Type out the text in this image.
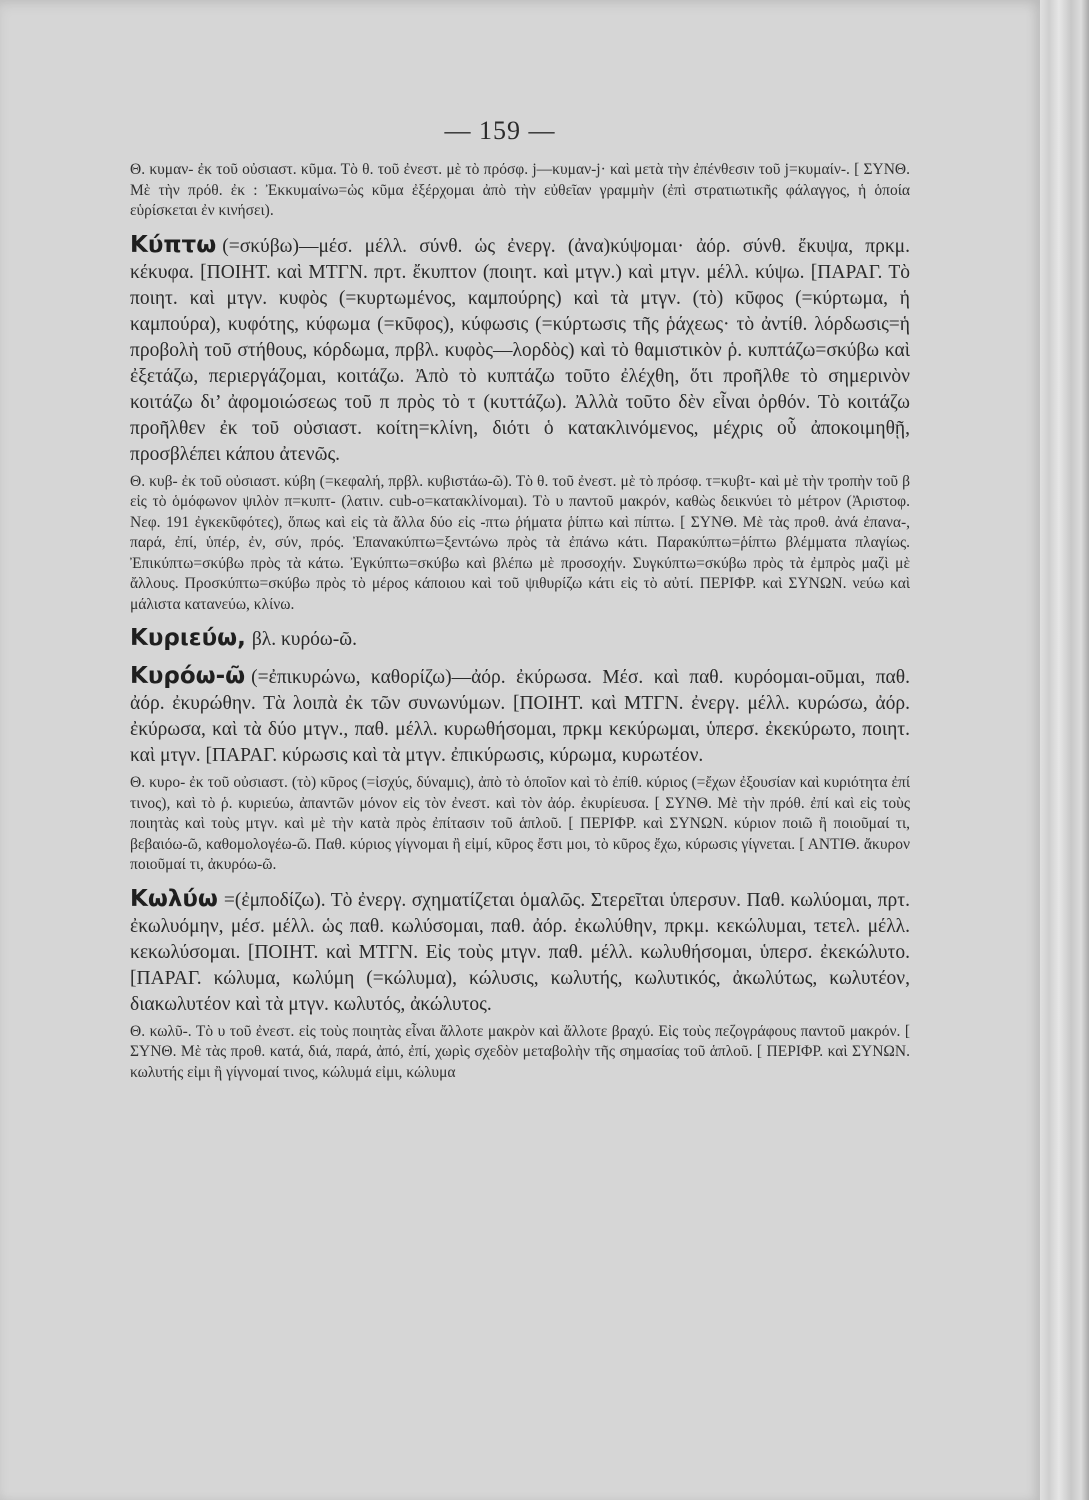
— 159 —

Θ. κυμαν- ἐκ τοῦ οὐσιαστ. κῦμα. Τὸ θ. τοῦ ἐνεστ. μὲ τὸ πρόσφ. j—κυμαν-j· καὶ μετὰ τὴν ἐπένθεσιν τοῦ j=κυμαίν-. [ ΣΥΝΘ. Μὲ τὴν πρόθ. ἐκ : Ἐκκυμαίνω=ὡς κῦμα ἐξέρχομαι ἀπὸ τὴν εὐθεῖαν γραμμὴν (ἐπὶ στρατιωτικῆς φάλαγγος, ἡ ὁποία εὑρίσκεται ἐν κινήσει).

Κύπτω (=σκύβω)—μέσ. μέλλ. σύνθ. ὡς ἐνεργ. (ἀνα)κύψομαι· ἀόρ. σύνθ. ἔκυψα, πρκμ. κέκυφα. [ΠΟΙΗΤ. καὶ ΜΤΓΝ. πρτ. ἔκυπτον (ποιητ. καὶ μτγν.) καὶ μτγν. μέλλ. κύψω. [ΠΑΡΑΓ. Τὸ ποιητ. καὶ μτγν. κυφὸς (=κυρτωμένος, καμπούρης) καὶ τὰ μτγν. (τὸ) κῦφος (=κύρτωμα, ἡ καμπούρα), κυφότης, κύφωμα (=κῦφος), κύφωσις (=κύρτωσις τῆς ῥάχεως· τὸ ἀντίθ. λόρδωσις=ἡ προβολὴ τοῦ στήθους, κόρδωμα, πρβλ. κυφὸς—λορδὸς) καὶ τὸ θαμιστικὸν ῥ. κυπτάζω=σκύβω καὶ ἐξετάζω, περιεργάζομαι, κοιτάζω. Ἀπὸ τὸ κυπτάζω τοῦτο ἐλέχθη, ὅτι προῆλθε τὸ σημερινὸν κοιτάζω δι’ ἀφομοιώσεως τοῦ π πρὸς τὸ τ (κυττάζω). Ἀλλὰ τοῦτο δὲν εἶναι ὀρθόν. Τὸ κοιτάζω προῆλθεν ἐκ τοῦ οὐσιαστ. κοίτη=κλίνη, διότι ὁ κατακλινόμενος, μέχρις οὗ ἀποκοιμηθῇ, προσβλέπει κάπου ἀτενῶς.

Θ. κυβ- ἐκ τοῦ οὐσιαστ. κύβη (=κεφαλή, πρβλ. κυβιστάω-ῶ). Τὸ θ. τοῦ ἐνεστ. μὲ τὸ πρόσφ. τ=κυβτ- καὶ μὲ τὴν τροπὴν τοῦ β εἰς τὸ ὁμόφωνον ψιλὸν π=κυπτ- (λατιν. cub-o=κατακλίνομαι). Τὸ υ παντοῦ μακρόν, καθὼς δεικνύει τὸ μέτρον (Ἀριστοφ. Νεφ. 191 ἐγκεκῦφότες), ὅπως καὶ εἰς τὰ ἄλλα δύο εἰς -πτω ῥήματα ῥίπτω καὶ πίπτω. [ ΣΥΝΘ. Μὲ τὰς προθ. ἀνά ἐπανα-, παρά, ἐπί, ὑπέρ, ἐν, σύν, πρός. Ἐπανακύπτω=ξεντώνω πρὸς τὰ ἐπάνω κάτι. Παρακύπτω=ῥίπτω βλέμματα πλαγίως. Ἐπικύπτω=σκύβω πρὸς τὰ κάτω. Ἐγκύπτω=σκύβω καὶ βλέπω μὲ προσοχήν. Συγκύπτω=σκύβω πρὸς τὰ ἐμπρὸς μαζὶ μὲ ἄλλους. Προσκύπτω=σκύβω πρὸς τὸ μέρος κάποιου καὶ τοῦ ψιθυρίζω κάτι εἰς τὸ αὐτί. ΠΕΡΙΦΡ. καὶ ΣΥΝΩΝ. νεύω καὶ μάλιστα κατανεύω, κλίνω.

Κυριεύω, βλ. κυρόω-ῶ.

Κυρόω-ῶ (=ἐπικυρώνω, καθορίζω)—ἀόρ. ἐκύρωσα. Μέσ. καὶ παθ. κυρόομαι-οῦμαι, παθ. ἀόρ. ἐκυρώθην. Τὰ λοιπὰ ἐκ τῶν συνωνύμων. [ΠΟΙΗΤ. καὶ ΜΤΓΝ. ἐνεργ. μέλλ. κυρώσω, ἀόρ. ἐκύρωσα, καὶ τὰ δύο μτγν., παθ. μέλλ. κυρωθήσομαι, πρκμ κεκύρωμαι, ὑπερσ. ἐκεκύρωτο, ποιητ. καὶ μτγν. [ΠΑΡΑΓ. κύρωσις καὶ τὰ μτγν. ἐπικύρωσις, κύρωμα, κυρωτέον.

Θ. κυρο- ἐκ τοῦ οὐσιαστ. (τὸ) κῦρος (=ἰσχύς, δύναμις), ἀπὸ τὸ ὁποῖον καὶ τὸ ἐπίθ. κύριος (=ἔχων ἐξουσίαν καὶ κυριότητα ἐπί τινος), καὶ τὸ ῥ. κυριεύω, ἀπαντῶν μόνον εἰς τὸν ἐνεστ. καὶ τὸν ἀόρ. ἐκυρίευσα. [ ΣΥΝΘ. Μὲ τὴν πρόθ. ἐπί καὶ εἰς τοὺς ποιητὰς καὶ τοὺς μτγν. καὶ μὲ τὴν κατὰ πρὸς ἐπίτασιν τοῦ ἁπλοῦ. [ ΠΕΡΙΦΡ. καὶ ΣΥΝΩΝ. κύριον ποιῶ ἢ ποιοῦμαί τι, βεβαιόω-ῶ, καθομολογέω-ῶ. Παθ. κύριος γίγνομαι ἢ εἰμί, κῦρος ἔστι μοι, τὸ κῦρος ἔχω, κύρωσις γίγνεται. [ ΑΝΤΙΘ. ἄκυρον ποιοῦμαί τι, ἀκυρόω-ῶ.

Κωλύω =(ἐμποδίζω). Τὸ ἐνεργ. σχηματίζεται ὁμαλῶς. Στερεῖται ὑπερσυν. Παθ. κωλύομαι, πρτ. ἐκωλυόμην, μέσ. μέλλ. ὡς παθ. κωλύσομαι, παθ. ἀόρ. ἐκωλύθην, πρκμ. κεκώλυμαι, τετελ. μέλλ. κεκωλύσομαι. [ΠΟΙΗΤ. καὶ ΜΤΓΝ. Εἰς τοὺς μτγν. παθ. μέλλ. κωλυθήσομαι, ὑπερσ. ἐκεκώλυτο. [ΠΑΡΑΓ. κώλυμα, κωλύμη (=κώλυμα), κώλυσις, κωλυτής, κωλυτικός, ἀκωλύτως, κωλυτέον, διακωλυτέον καὶ τὰ μτγν. κωλυτός, ἀκώλυτος.

Θ. κωλῦ-. Τὸ υ τοῦ ἐνεστ. εἰς τοὺς ποιητὰς εἶναι ἄλλοτε μακρὸν καὶ ἄλλοτε βραχύ. Εἰς τοὺς πεζογράφους παντοῦ μακρόν. [ ΣΥΝΘ. Μὲ τὰς προθ. κατά, διά, παρά, ἀπό, ἐπί, χωρὶς σχεδὸν μεταβολὴν τῆς σημασίας τοῦ ἁπλοῦ. [ ΠΕΡΙΦΡ. καὶ ΣΥΝΩΝ. κωλυτής εἰμι ἢ γίγνομαί τινος, κώλυμά εἰμι, κώλυμα
